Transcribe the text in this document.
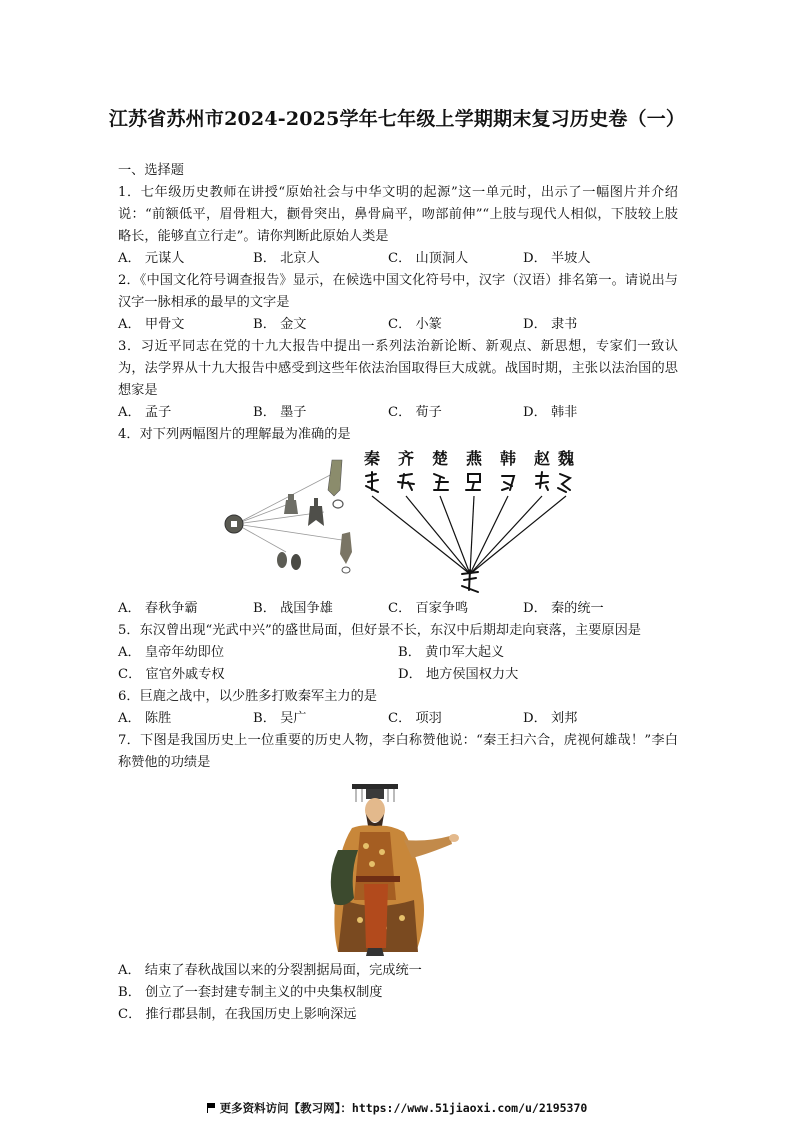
江苏省苏州市2024-2025学年七年级上学期期末复习历史卷（一）

一、选择题

1．七年级历史教师在讲授“原始社会与中华文明的起源”这一单元时，出示了一幅图片并介绍说：“前额低平，眉骨粗大，颧骨突出，鼻骨扁平，吻部前伸”“上肢与现代人相似，下肢较上肢略长，能够直立行走”。请你判断此原始人类是

A． 元谋人	B． 北京人	C． 山顶洞人	D． 半坡人

2．《中国文化符号调查报告》显示，在候选中国文化符号中，汉字（汉语）排名第一。请说出与汉字一脉相承的最早的文字是

A． 甲骨文	B． 金文	C． 小篆	D． 隶书

3．习近平同志在党的十九大报告中提出一系列法治新论断、新观点、新思想，专家们一致认为，法学界从十九大报告中感受到这些年依法治国取得巨大成就。战国时期，主张以法治国的思想家是

A． 孟子	B． 墨子	C． 荀子	D． 韩非

4．对下列两幅图片的理解最为准确的是

秦 齐 楚 燕 韩 赵 魏
A． 春秋争霸	B． 战国争雄	C． 百家争鸣	D． 秦的统一

5．东汉曾出现“光武中兴”的盛世局面，但好景不长，东汉中后期却走向衰落，主要原因是

A． 皇帝年幼即位	B． 黄巾军大起义
C． 宦官外戚专权	D． 地方侯国权力大

6．巨鹿之战中，以少胜多打败秦军主力的是

A． 陈胜	B． 吴广	C． 项羽	D． 刘邦

7．下图是我国历史上一位重要的历史人物，李白称赞他说：“秦王扫六合，虎视何雄哉！”李白称赞他的功绩是

A． 结束了春秋战国以来的分裂割据局面，完成统一
B． 创立了一套封建专制主义的中央集权制度
C． 推行郡县制，在我国历史上影响深远
更多资料访问【教习网】：https://www.51jiaoxi.com/u/2195370
